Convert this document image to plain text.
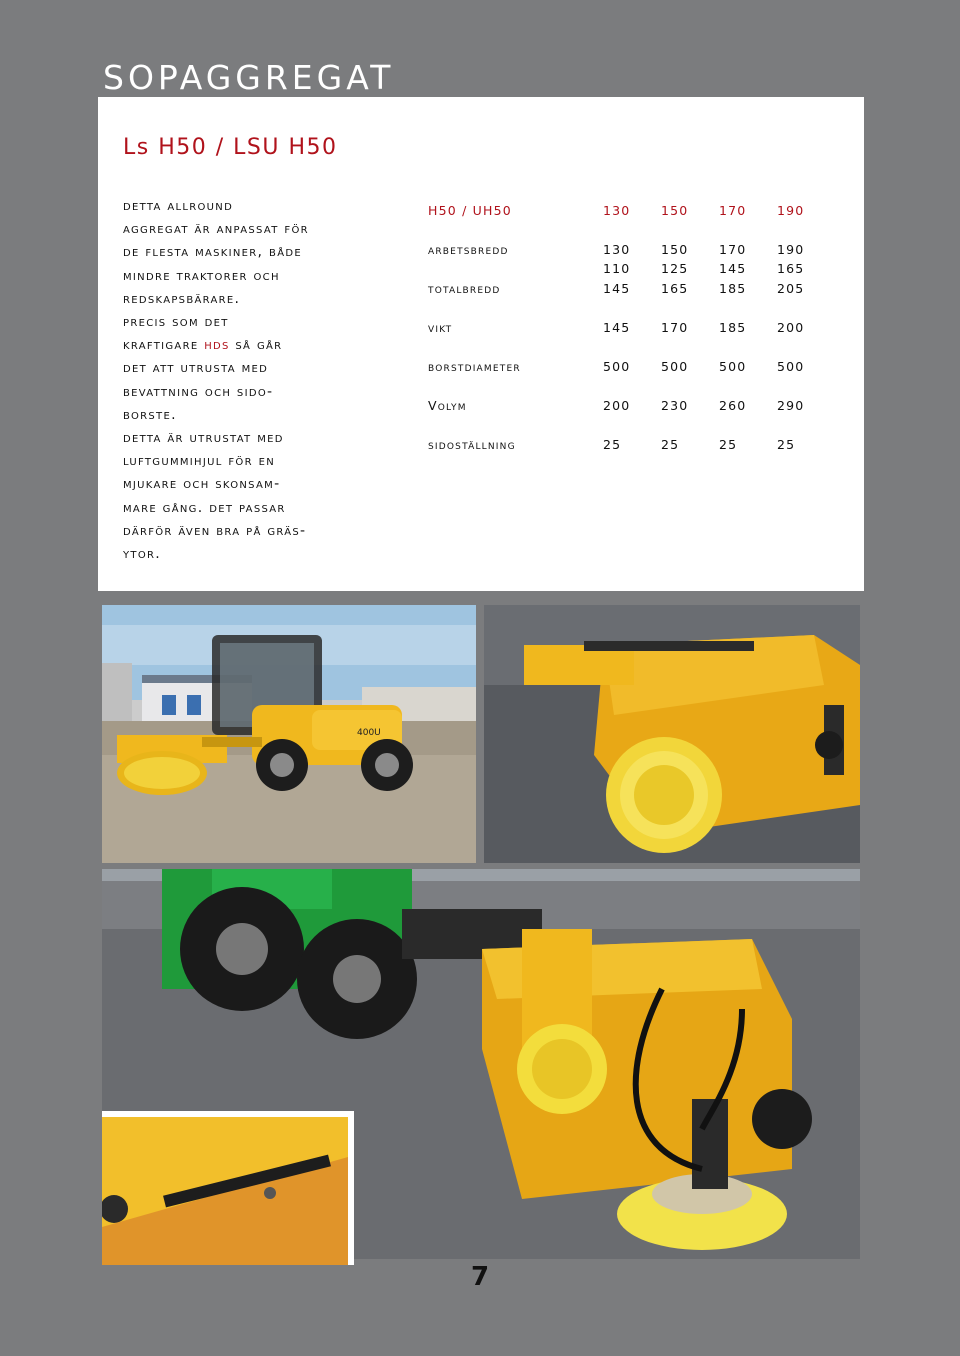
SOPAGGREGAT
Ls H50 / LSU H50
detta allround
aggregat är anpassat för
de flesta maskiner, både
mindre traktorer och
redskapsbärare.
precis som det
kraftigare hds så går
det att utrusta med
bevattning och sido-
borste.
detta är utrustat med
luftgummihjul för en
mjukare och skonsam-
mare gång. det passar
därför även bra på gräs-
ytor.
H50 / UH50	130	150	170	190
arbetsbredd	130	150	170	190
110	125	145	165
totalbredd	145	165	185	205
vikt	145	170	185	200
borstdiameter	500	500	500	500
Volym	200	230	260	290
sidoställning	25	25	25	25
400U
7
